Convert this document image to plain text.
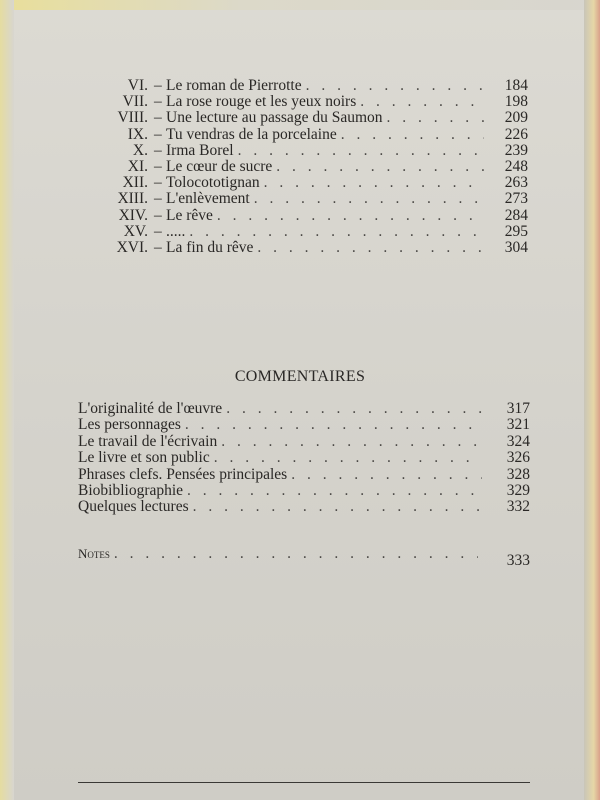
VI. – Le roman de Pierrotte . . .	184
VII. – La rose rouge et les yeux noirs . . .	198
VIII. – Une lecture au passage du Saumon . . .	209
IX. – Tu vendras de la porcelaine . . .	226
X. – Irma Borel . . .	239
XI. – Le cœur de sucre . . .	248
XII. – Tolocototignan . . .	263
XIII. – L'enlèvement . . .	273
XIV. – Le rêve . . .	284
XV. – ..... . . .	295
XVI. – La fin du rêve . . .	304
COMMENTAIRES
L'originalité de l'œuvre . . .	317
Les personnages . . .	321
Le travail de l'écrivain . . .	324
Le livre et son public . . .	326
Phrases clefs. Pensées principales . . .	328
Biobibliographie . . .	329
Quelques lectures . . .	332
Notes . . .	333
